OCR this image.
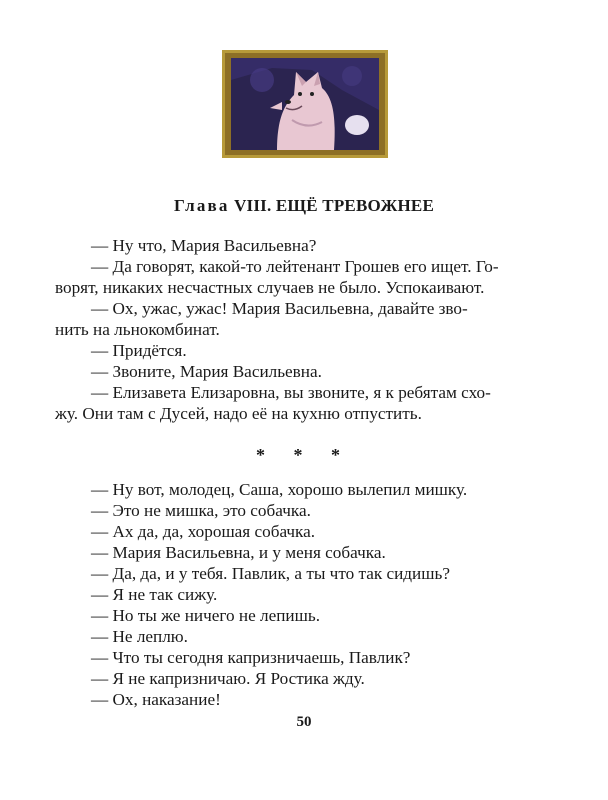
Глава VIII. ЕЩЁ ТРЕВОЖНЕЕ
— Ну что, Мария Васильевна?
— Да говорят, какой-то лейтенант Грошев его ищет. Го-
ворят, никаких несчастных случаев не было. Успокаивают.
— Ох, ужас, ужас! Мария Васильевна, давайте зво-
нить на льнокомбинат.
— Придётся.
— Звоните, Мария Васильевна.
— Елизавета Елизаровна, вы звоните, я к ребятам схо-
жу. Они там с Дусей, надо её на кухню отпустить.
* * *
— Ну вот, молодец, Саша, хорошо вылепил мишку.
— Это не мишка, это собачка.
— Ах да, да, хорошая собачка.
— Мария Васильевна, и у меня собачка.
— Да, да, и у тебя. Павлик, а ты что так сидишь?
— Я не так сижу.
— Но ты же ничего не лепишь.
— Не леплю.
— Что ты сегодня капризничаешь, Павлик?
— Я не капризничаю. Я Ростика жду.
— Ох, наказание!
50
